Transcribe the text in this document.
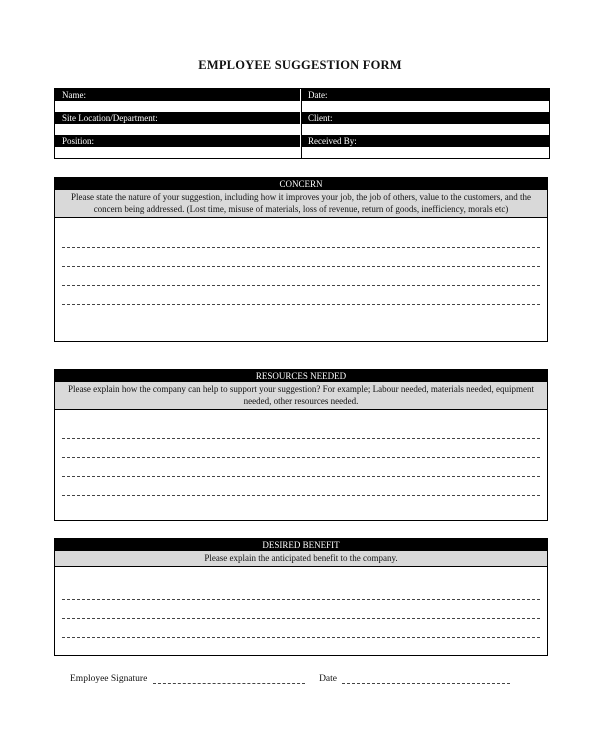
EMPLOYEE SUGGESTION FORM
Name:	Date:
Site Location/Department:	Client:
Position:	Received By:
CONCERN
Please state the nature of your suggestion, including how it improves your job, the job of others, value to the customers, and the concern being addressed. (Lost time, misuse of materials, loss of revenue, return of goods, inefficiency, morals etc)
RESOURCES NEEDED
Please explain how the company can help to support your suggestion? For example; Labour needed, materials needed, equipment needed, other resources needed.
DESIRED BENEFIT
Please explain the anticipated benefit to the company.
Employee Signature	Date
